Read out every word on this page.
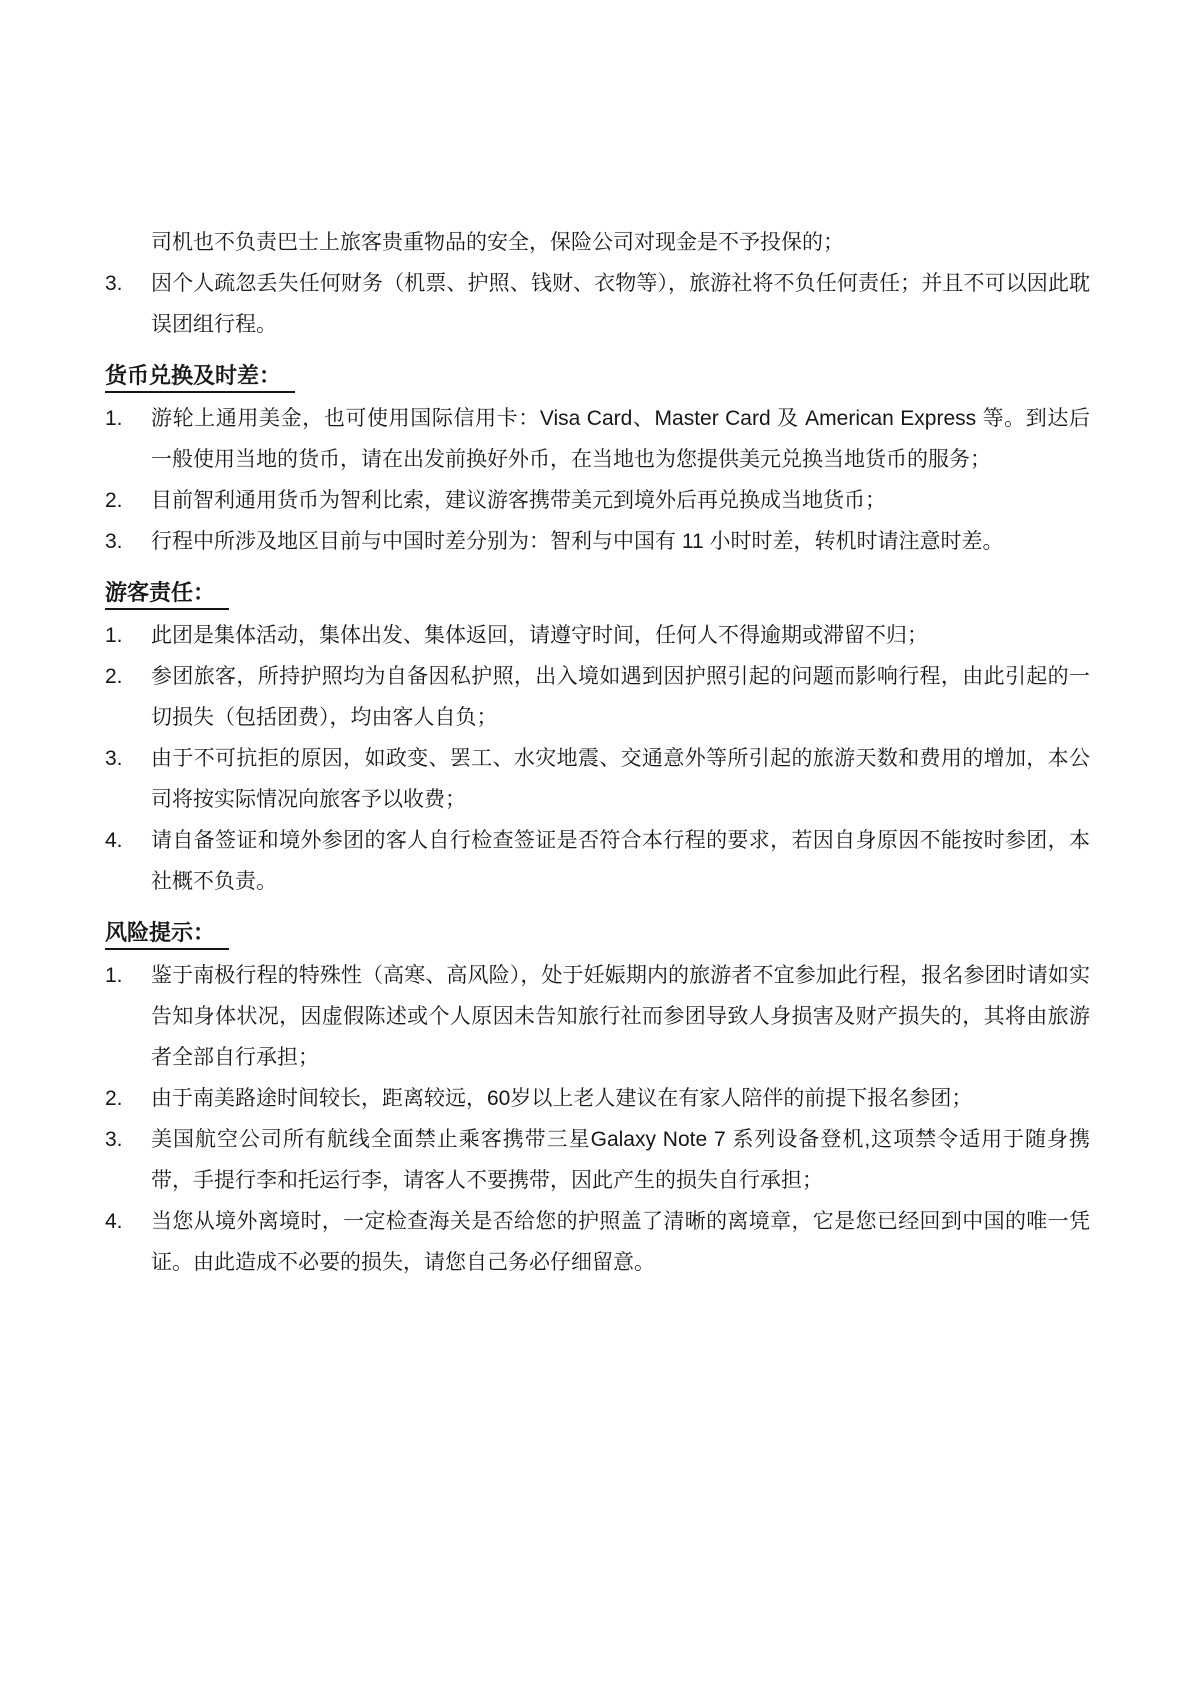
司机也不负责巴士上旅客贵重物品的安全，保险公司对现金是不予投保的；
3.	因个人疏忽丢失任何财务（机票、护照、钱财、衣物等），旅游社将不负任何责任；并且不可以因此耽误团组行程。
货币兑换及时差：
1.	游轮上通用美金，也可使用国际信用卡：Visa Card、Master Card 及 American Express 等。到达后一般使用当地的货币，请在出发前换好外币，在当地也为您提供美元兑换当地货币的服务；
2.	目前智利通用货币为智利比索，建议游客携带美元到境外后再兑换成当地货币；
3.	行程中所涉及地区目前与中国时差分别为：智利与中国有 11 小时时差，转机时请注意时差。
游客责任：
1.	此团是集体活动，集体出发、集体返回，请遵守时间，任何人不得逾期或滞留不归；
2.	参团旅客，所持护照均为自备因私护照，出入境如遇到因护照引起的问题而影响行程，由此引起的一切损失（包括团费），均由客人自负；
3.	由于不可抗拒的原因，如政变、罢工、水灾地震、交通意外等所引起的旅游天数和费用的增加，本公司将按实际情况向旅客予以收费；
4.	请自备签证和境外参团的客人自行检查签证是否符合本行程的要求，若因自身原因不能按时参团，本社概不负责。
风险提示：
1.	鉴于南极行程的特殊性（高寒、高风险），处于妊娠期内的旅游者不宜参加此行程，报名参团时请如实告知身体状况，因虚假陈述或个人原因未告知旅行社而参团导致人身损害及财产损失的，其将由旅游者全部自行承担；
2.	由于南美路途时间较长，距离较远，60岁以上老人建议在有家人陪伴的前提下报名参团；
3.	美国航空公司所有航线全面禁止乘客携带三星Galaxy Note 7 系列设备登机,这项禁令适用于随身携带，手提行李和托运行李，请客人不要携带，因此产生的损失自行承担；
4.	当您从境外离境时，一定检查海关是否给您的护照盖了清晰的离境章，它是您已经回到中国的唯一凭证。由此造成不必要的损失，请您自己务必仔细留意。
